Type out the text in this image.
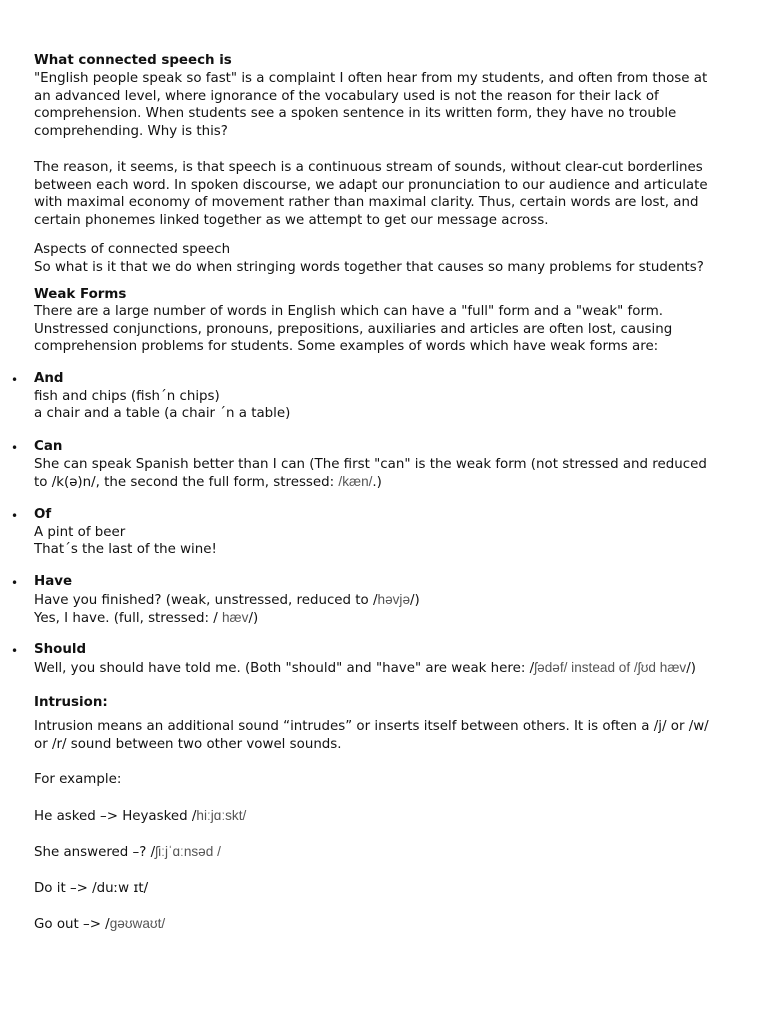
What connected speech is

"English people speak so fast" is a complaint I often hear from my students, and often from those at

an advanced level, where ignorance of the vocabulary used is not the reason for their lack of

comprehension. When students see a spoken sentence in its written form, they have no trouble

comprehending. Why is this?

The reason, it seems, is that speech is a continuous stream of sounds, without clear-cut borderlines

between each word. In spoken discourse, we adapt our pronunciation to our audience and articulate

with maximal economy of movement rather than maximal clarity. Thus, certain words are lost, and

certain phonemes linked together as we attempt to get our message across.

Aspects of connected speech

So what is it that we do when stringing words together that causes so many problems for students?

Weak Forms

There are a large number of words in English which can have a "full" form and a "weak" form.

Unstressed conjunctions, pronouns, prepositions, auxiliaries and articles are often lost, causing

comprehension problems for students. Some examples of words which have weak forms are:

• And

fish and chips (fish´n chips)

a chair and a table (a chair ´n a table)

• Can

She can speak Spanish better than I can (The first "can" is the weak form (not stressed and reduced

to /k(ə)n/, the second the full form, stressed: /kæn/.)

• Of

A pint of beer

That´s the last of the wine!

• Have

Have you finished? (weak, unstressed, reduced to /həvjə/)

Yes, I have. (full, stressed: / hæv/)

• Should

Well, you should have told me. (Both "should" and "have" are weak here: /ʃədəf/ instead of /ʃʊd hæv/)

Intrusion:

Intrusion means an additional sound “intrudes” or inserts itself between others. It is often a /j/ or /w/

or /r/ sound between two other vowel sounds.

For example:
He asked –> Heyasked /hiːjɑːskt/
She answered –? /ʃiːjˈɑːnsəd /
Do it –> /duːw ɪt/
Go out –> /gəʊwaʊt/
